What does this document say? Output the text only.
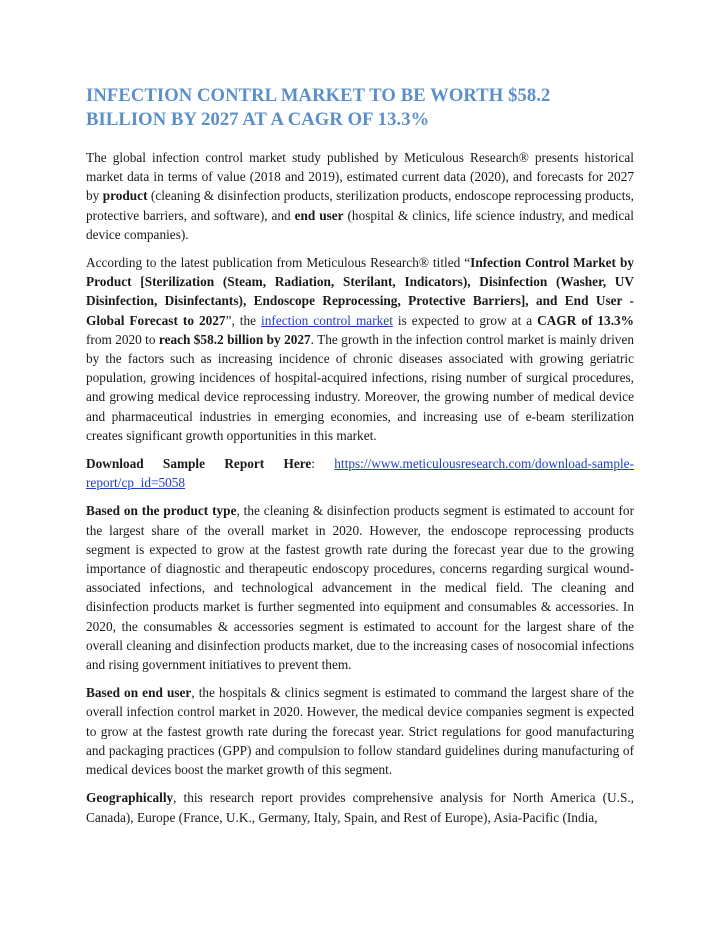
INFECTION CONTRL MARKET TO BE WORTH $58.2 BILLION BY 2027 AT A CAGR OF 13.3%

The global infection control market study published by Meticulous Research® presents historical market data in terms of value (2018 and 2019), estimated current data (2020), and forecasts for 2027 by product (cleaning & disinfection products, sterilization products, endoscope reprocessing products, protective barriers, and software), and end user (hospital & clinics, life science industry, and medical device companies).

According to the latest publication from Meticulous Research® titled “Infection Control Market by Product [Sterilization (Steam, Radiation, Sterilant, Indicators), Disinfection (Washer, UV Disinfection, Disinfectants), Endoscope Reprocessing, Protective Barriers], and End User - Global Forecast to 2027”, the infection control market is expected to grow at a CAGR of 13.3% from 2020 to reach $58.2 billion by 2027. The growth in the infection control market is mainly driven by the factors such as increasing incidence of chronic diseases associated with growing geriatric population, growing incidences of hospital-acquired infections, rising number of surgical procedures, and growing medical device reprocessing industry. Moreover, the growing number of medical device and pharmaceutical industries in emerging economies, and increasing use of e-beam sterilization creates significant growth opportunities in this market.

Download Sample Report Here: https://www.meticulousresearch.com/download-sample-report/cp_id=5058

Based on the product type, the cleaning & disinfection products segment is estimated to account for the largest share of the overall market in 2020. However, the endoscope reprocessing products segment is expected to grow at the fastest growth rate during the forecast year due to the growing importance of diagnostic and therapeutic endoscopy procedures, concerns regarding surgical wound-associated infections, and technological advancement in the medical field. The cleaning and disinfection products market is further segmented into equipment and consumables & accessories. In 2020, the consumables & accessories segment is estimated to account for the largest share of the overall cleaning and disinfection products market, due to the increasing cases of nosocomial infections and rising government initiatives to prevent them.

Based on end user, the hospitals & clinics segment is estimated to command the largest share of the overall infection control market in 2020. However, the medical device companies segment is expected to grow at the fastest growth rate during the forecast year. Strict regulations for good manufacturing and packaging practices (GPP) and compulsion to follow standard guidelines during manufacturing of medical devices boost the market growth of this segment.

Geographically, this research report provides comprehensive analysis for North America (U.S., Canada), Europe (France, U.K., Germany, Italy, Spain, and Rest of Europe), Asia-Pacific (India,
